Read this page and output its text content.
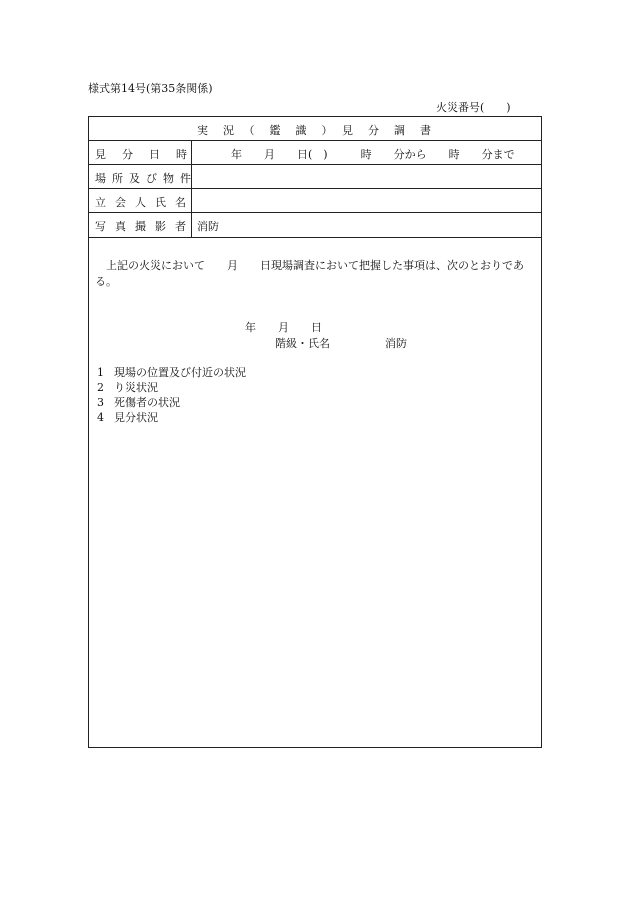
様式第14号(第35条関係)
火災番号(　　)
実　況　（　鑑　識　）　見　分　調　書
見分日時	年　　月　　日(　)　　　時　　分から　　時　　分まで
場所及び物件
立会人氏名
写真撮影者 消防
　上記の火災において　　月　　日現場調査において把握した事項は、次のとおりである。
年　　月　　日
階級・氏名　　　　　消防
1 現場の位置及び付近の状況
2 り災状況
3 死傷者の状況
4 見分状況
